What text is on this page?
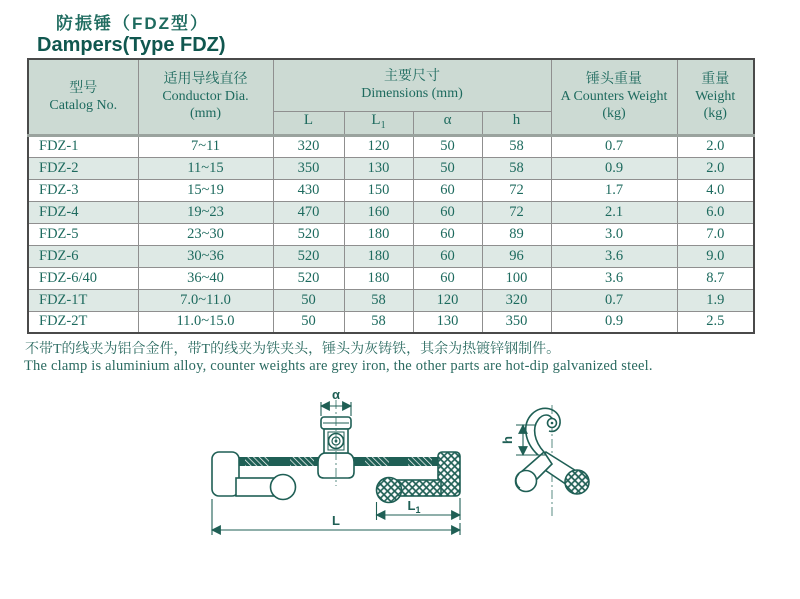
防振锤（FDZ型）
Dampers(Type FDZ)
型号
Catalog No.	适用导线直径
Conductor Dia.
(mm)	主要尺寸
Dimensions (mm)				锤头重量
A Counters Weight
(kg)	重量
Weight
(kg)
		L	$L_1$	α	h		
FDZ-1	7~11	320	120	50	58	0.7	2.0
FDZ-2	11~15	350	130	50	58	0.9	2.0
FDZ-3	15~19	430	150	60	72	1.7	4.0
FDZ-4	19~23	470	160	60	72	2.1	6.0
FDZ-5	23~30	520	180	60	89	3.0	7.0
FDZ-6	30~36	520	180	60	96	3.6	9.0
FDZ-6/40	36~40	520	180	60	100	3.6	8.7
FDZ-1T	7.0~11.0	50	58	120	320	0.7	1.9
FDZ-2T	11.0~15.0	50	58	130	350	0.9	2.5
不带T的线夹为铝合金件，带T的线夹为铁夹头，锤头为灰铸铁，其余为热镀锌钢制件。
The clamp is aluminium alloy, counter weights are grey iron, the other parts are hot-dip galvanized steel.
α
$L_1$
L
h
